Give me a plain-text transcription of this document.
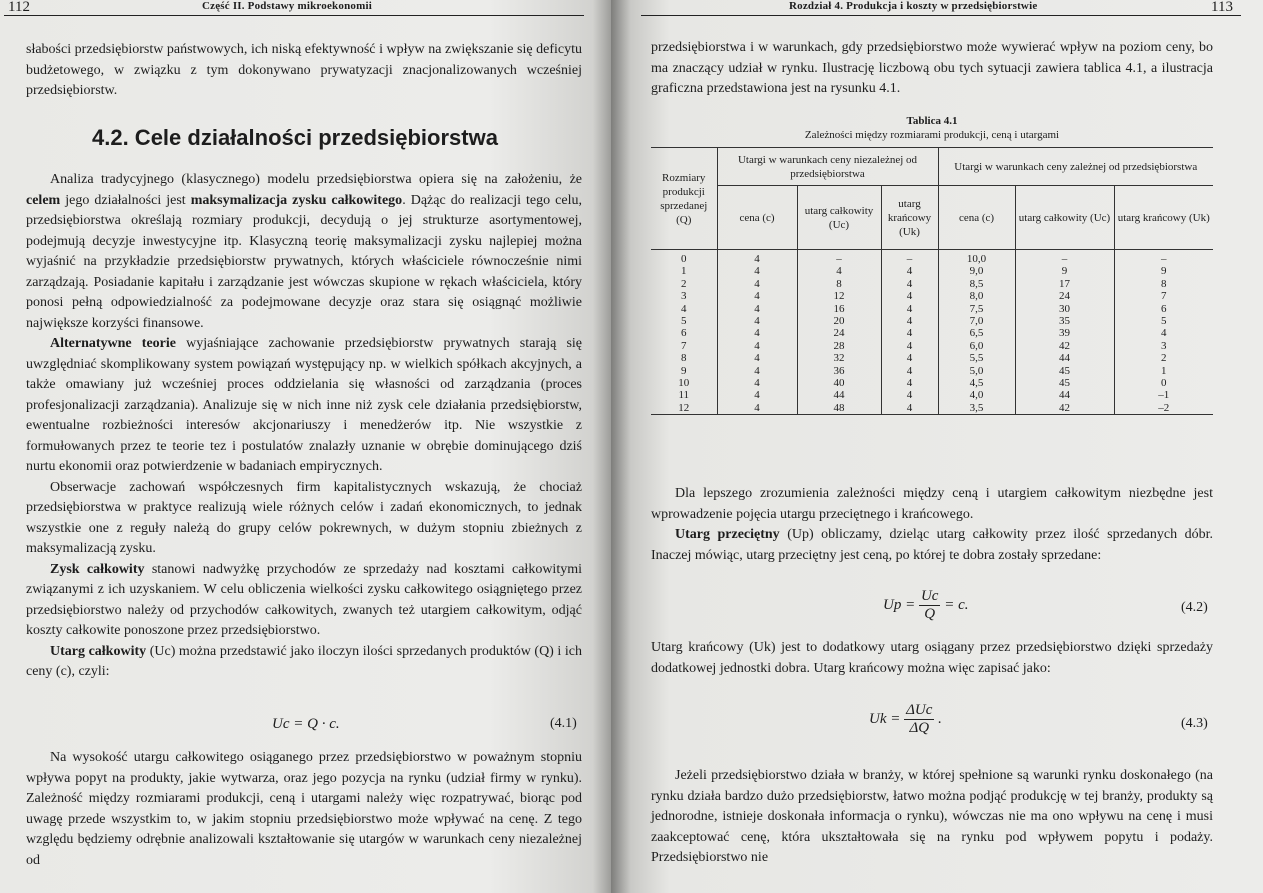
112	Część II. Podstawy mikroekonomii

słabości przedsiębiorstw państwowych, ich niską efektywność i wpływ na zwiększanie się deficytu budżetowego, w związku z tym dokonywano prywatyzacji znacjonalizowanych wcześniej przedsiębiorstw.

4.2. Cele działalności przedsiębiorstwa

Analiza tradycyjnego (klasycznego) modelu przedsiębiorstwa opiera się na założeniu, że celem jego działalności jest maksymalizacja zysku całkowitego. Dążąc do realizacji tego celu, przedsiębiorstwa określają rozmiary produkcji, decydują o jej strukturze asortymentowej, podejmują decyzje inwestycyjne itp. Klasyczną teorię maksymalizacji zysku najlepiej można wyjaśnić na przykładzie przedsiębiorstw prywatnych, których właściciele równocześnie nimi zarządzają. Posiadanie kapitału i zarządzanie jest wówczas skupione w rękach właściciela, który ponosi pełną odpowiedzialność za podejmowane decyzje oraz stara się osiągnąć możliwie największe korzyści finansowe.

Alternatywne teorie wyjaśniające zachowanie przedsiębiorstw prywatnych starają się uwzględniać skomplikowany system powiązań występujący np. w wielkich spółkach akcyjnych, a także omawiany już wcześniej proces oddzielania się własności od zarządzania (proces profesjonalizacji zarządzania). Analizuje się w nich inne niż zysk cele działania przedsiębiorstw, ewentualne rozbieżności interesów akcjonariuszy i menedżerów itp. Nie wszystkie z formułowanych przez te teorie tez i postulatów znalazły uznanie w obrębie dominującego dziś nurtu ekonomii oraz potwierdzenie w badaniach empirycznych.

Obserwacje zachowań współczesnych firm kapitalistycznych wskazują, że chociaż przedsiębiorstwa w praktyce realizują wiele różnych celów i zadań ekonomicznych, to jednak wszystkie one z reguły należą do grupy celów pokrewnych, w dużym stopniu zbieżnych z maksymalizacją zysku.

Zysk całkowity stanowi nadwyżkę przychodów ze sprzedaży nad kosztami całkowitymi związanymi z ich uzyskaniem. W celu obliczenia wielkości zysku całkowitego osiągniętego przez przedsiębiorstwo należy od przychodów całkowitych, zwanych też utargiem całkowitym, odjąć koszty całkowite ponoszone przez przedsiębiorstwo.

Utarg całkowity (Uc) można przedstawić jako iloczyn ilości sprzedanych produktów (Q) i ich ceny (c), czyli:

Uc = Q · c.	(4.1)

Na wysokość utargu całkowitego osiąganego przez przedsiębiorstwo w poważnym stopniu wpływa popyt na produkty, jakie wytwarza, oraz jego pozycja na rynku (udział firmy w rynku). Zależność między rozmiarami produkcji, ceną i utargami należy więc rozpatrywać, biorąc pod uwagę przede wszystkim to, w jakim stopniu przedsiębiorstwo może wpływać na cenę. Z tego względu będziemy odrębnie analizowali kształtowanie się utargów w warunkach ceny niezależnej od

Rozdział 4. Produkcja i koszty w przedsiębiorstwie	113

przedsiębiorstwa i w warunkach, gdy przedsiębiorstwo może wywierać wpływ na poziom ceny, bo ma znaczący udział w rynku. Ilustrację liczbową obu tych sytuacji zawiera tablica 4.1, a ilustracja graficzna przedstawiona jest na rysunku 4.1.

Tablica 4.1
Zależności między rozmiarami produkcji, ceną i utargami
Rozmiary produkcji sprzedanej (Q)	Utargi w warunkach ceny niezależnej od przedsiębiorstwa			Utargi w warunkach ceny zależnej od przedsiębiorstwa		
	cena (c)	utarg całkowity (Uc)	utarg krańcowy (Uk)	cena (c)	utarg całkowity (Uc)	utarg krańcowy (Uk)
0	4	–	–	10,0	–	–
1	4	4	4	9,0	9	9
2	4	8	4	8,5	17	8
3	4	12	4	8,0	24	7
4	4	16	4	7,5	30	6
5	4	20	4	7,0	35	5
6	4	24	4	6,5	39	4
7	4	28	4	6,0	42	3
8	4	32	4	5,5	44	2
9	4	36	4	5,0	45	1
10	4	40	4	4,5	45	0
11	4	44	4	4,0	44	–1
12	4	48	4	3,5	42	–2

Dla lepszego zrozumienia zależności między ceną i utargiem całkowitym niezbędne jest wprowadzenie pojęcia utargu przeciętnego i krańcowego.

Utarg przeciętny (Up) obliczamy, dzieląc utarg całkowity przez ilość sprzedanych dóbr. Inaczej mówiąc, utarg przeciętny jest ceną, po której te dobra zostały sprzedane:

$Up = \frac{Uc}{Q} = c$.	(4.2)

Utarg krańcowy

(Uk) jest to dodatkowy utarg osiągany przez przedsiębiorstwo dzięki sprzedaży dodatkowej jednostki dobra. Utarg krańcowy można więc zapisać jako:
$Uk = \frac{\text{ΔUc}}{\Delta Q}$ .	(4.3)

Jeżeli przedsiębiorstwo działa w branży, w której spełnione są warunki rynku doskonałego (na rynku działa bardzo dużo przedsiębiorstw, łatwo można podjąć produkcję w tej branży, produkty są jednorodne, istnieje doskonała informacja o rynku), wówczas nie ma ono wpływu na cenę i musi zaakceptować cenę, która ukształtowała się na rynku pod wpływem popytu i podaży. Przedsiębiorstwo nie
